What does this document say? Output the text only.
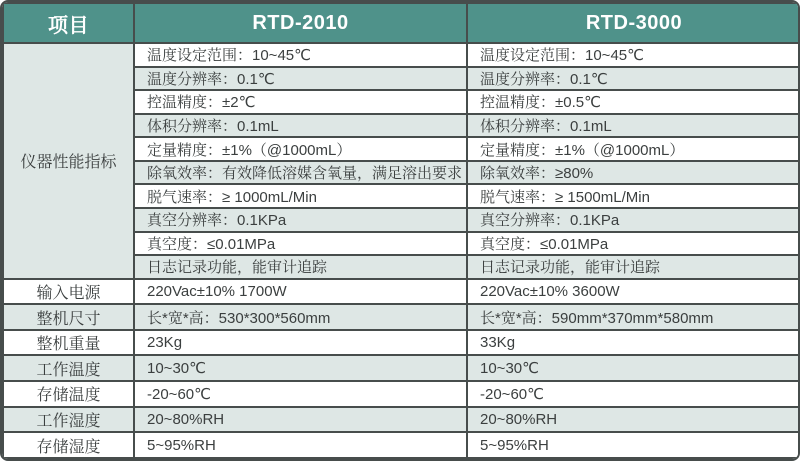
项目	RTD-2010	RTD-3000
仪器性能指标	温度设定范围：10~45℃	温度设定范围：10~45℃
	温度分辨率：0.1℃	温度分辨率：0.1℃
	控温精度：±2℃	控温精度：±0.5℃
	体积分辨率：0.1mL	体积分辨率：0.1mL
	定量精度：±1%（@1000mL）	定量精度：±1%（@1000mL）
	除氧效率：有效降低溶媒含氧量，满足溶出要求	除氧效率：≥80%
	脱气速率：≥ 1000mL/Min	脱气速率：≥ 1500mL/Min
	真空分辨率：0.1KPa	真空分辨率：0.1KPa
	真空度：≤0.01MPa	真空度：≤0.01MPa
	日志记录功能，能审计追踪	日志记录功能，能审计追踪
输入电源	220Vac±10% 1700W	220Vac±10% 3600W
整机尺寸	长*宽*高：530*300*560mm	长*宽*高：590mm*370mm*580mm
整机重量	23Kg	33Kg
工作温度	10~30℃	10~30℃
存储温度	-20~60℃	-20~60℃
工作湿度	20~80%RH	20~80%RH
存储湿度	5~95%RH	5~95%RH
